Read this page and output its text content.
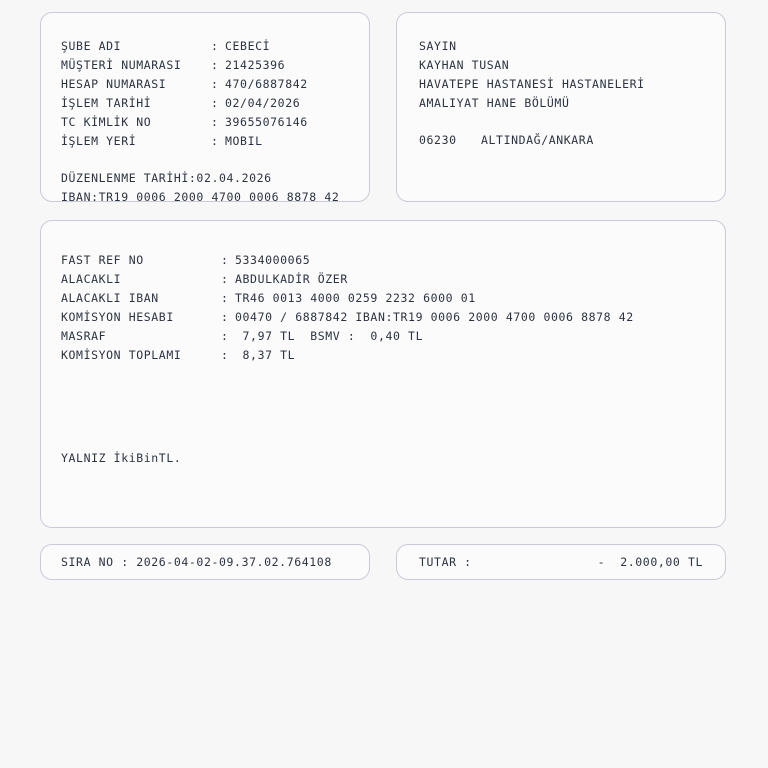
ŞUBE ADI	: CEBECİ
MÜŞTERİ NUMARASI	: 21425396
HESAP NUMARASI	: 470/6887842
İŞLEM TARİHİ	: 02/04/2026
TC KİMLİK NO	: 39655076146
İŞLEM YERİ	: MOBIL
DÜZENLENME TARİHİ:02.04.2026
IBAN:TR19 0006 2000 4700 0006 8878 42
SAYIN
KAYHAN TUSAN
HAVATEPE HASTANESİ HASTANELERİ
AMALIYAT HANE BÖLÜMÜ
06230	ALTINDAĞ/ANKARA
FAST REF NO	: 5334000065
ALACAKLI	: ABDULKADİR ÖZER
ALACAKLI IBAN	: TR46 0013 4000 0259 2232 6000 01
KOMİSYON HESABI	: 00470 / 6887842 IBAN:TR19 0006 2000 4700 0006 8878 42
MASRAF	: 7,97 TL  BSMV :  0,40 TL
KOMİSYON TOPLAMI	: 8,37 TL
YALNIZ İkiBinTL.
SIRA NO : 2026-04-02-09.37.02.764108	TUTAR :	-  2.000,00 TL
